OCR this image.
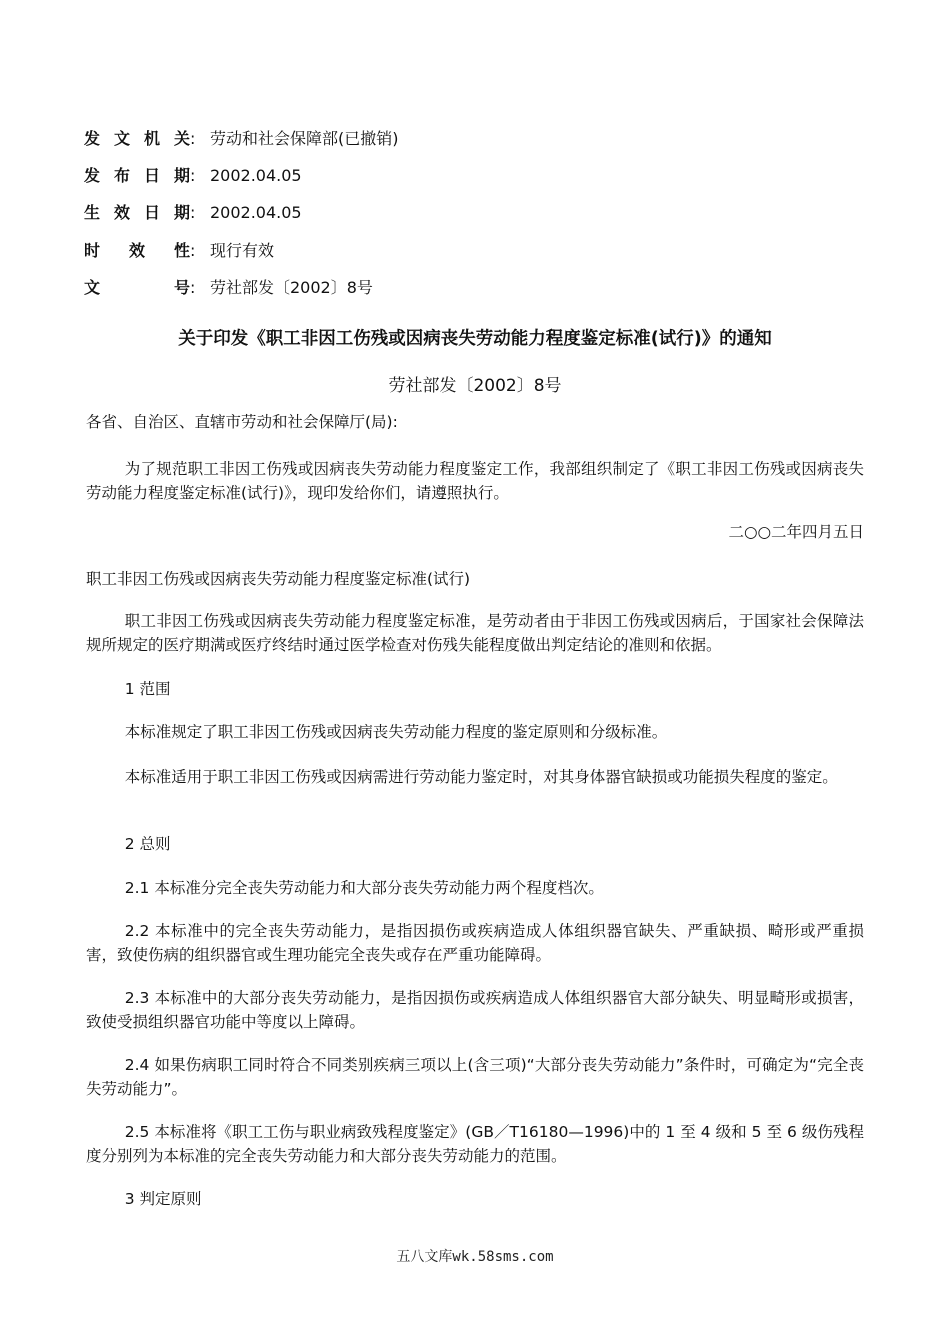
发文机关: 劳动和社会保障部(已撤销)
发布日期: 2002.04.05
生效日期: 2002.04.05
时效性: 现行有效
文号: 劳社部发〔2002〕8号
关于印发《职工非因工伤残或因病丧失劳动能力程度鉴定标准(试行)》的通知
劳社部发〔2002〕8号

各省、自治区、直辖市劳动和社会保障厅(局):

为了规范职工非因工伤残或因病丧失劳动能力程度鉴定工作，我部组织制定了《职工非因工伤残或因病丧失劳动能力程度鉴定标准(试行)》，现印发给你们，请遵照执行。

二○○二年四月五日

职工非因工伤残或因病丧失劳动能力程度鉴定标准(试行)

职工非因工伤残或因病丧失劳动能力程度鉴定标准，是劳动者由于非因工伤残或因病后，于国家社会保障法规所规定的医疗期满或医疗终结时通过医学检查对伤残失能程度做出判定结论的准则和依据。

1 范围

本标准规定了职工非因工伤残或因病丧失劳动能力程度的鉴定原则和分级标准。

本标准适用于职工非因工伤残或因病需进行劳动能力鉴定时，对其身体器官缺损或功能损失程度的鉴定。

2 总则

2.1 本标准分完全丧失劳动能力和大部分丧失劳动能力两个程度档次。

2.2 本标准中的完全丧失劳动能力，是指因损伤或疾病造成人体组织器官缺失、严重缺损、畸形或严重损害，致使伤病的组织器官或生理功能完全丧失或存在严重功能障碍。

2.3 本标准中的大部分丧失劳动能力，是指因损伤或疾病造成人体组织器官大部分缺失、明显畸形或损害，致使受损组织器官功能中等度以上障碍。

2.4 如果伤病职工同时符合不同类别疾病三项以上(含三项)“大部分丧失劳动能力”条件时，可确定为“完全丧失劳动能力”。

2.5 本标准将《职工工伤与职业病致残程度鉴定》(GB／T16180—1996)中的 1 至 4 级和 5 至 6 级伤残程度分别列为本标准的完全丧失劳动能力和大部分丧失劳动能力的范围。

3 判定原则

五八文库wk.58sms.com
